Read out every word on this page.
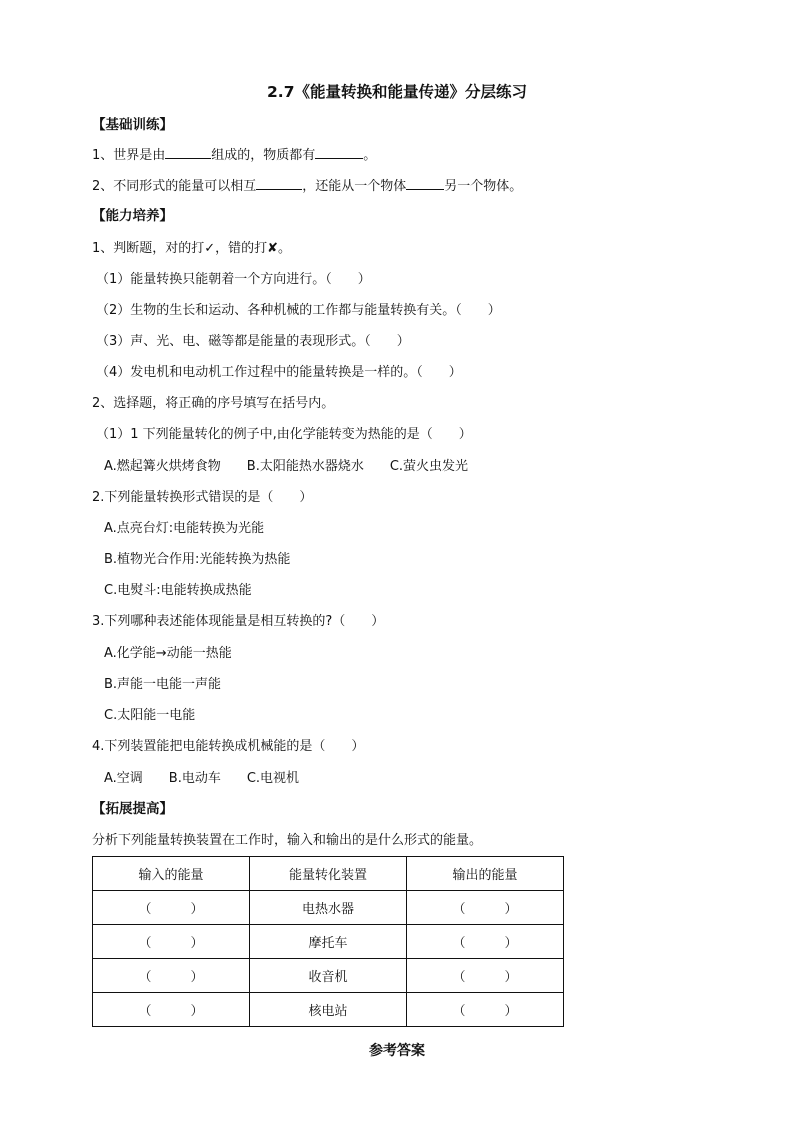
2.7《能量转换和能量传递》分层练习
【基础训练】
1、世界是由	组成的，物质都有	。
2、不同形式的能量可以相互	，还能从一个物体	另一个物体。
【能力培养】
1、判断题，对的打✓，错的打✘。
（1）能量转换只能朝着一个方向进行。（　　）
（2）生物的生长和运动、各种机械的工作都与能量转换有关。（　　）
（3）声、光、电、磁等都是能量的表现形式。（　　）
（4）发电机和电动机工作过程中的能量转换是一样的。（　　）
2、选择题，将正确的序号填写在括号内。
（1）1 下列能量转化的例子中,由化学能转变为热能的是（　　）
A.燃起篝火烘烤食物　　B.太阳能热水器烧水　　C.萤火虫发光
2.下列能量转换形式错误的是（　　）
A.点亮台灯:电能转换为光能
B.植物光合作用:光能转换为热能
C.电熨斗:电能转换成热能
3.下列哪种表述能体现能量是相互转换的?（　　）
A.化学能→动能一热能
B.声能一电能一声能
C.太阳能一电能
4.下列装置能把电能转换成机械能的是（　　）
A.空调　　B.电动车　　C.电视机
【拓展提高】
分析下列能量转换装置在工作时，输入和输出的是什么形式的能量。
输入的能量	能量转化装置	输出的能量
（　　　）	电热水器	（　　　）
（　　　）	摩托车	（　　　）
（　　　）	收音机	（　　　）
（　　　）	核电站	（　　　）
参考答案
